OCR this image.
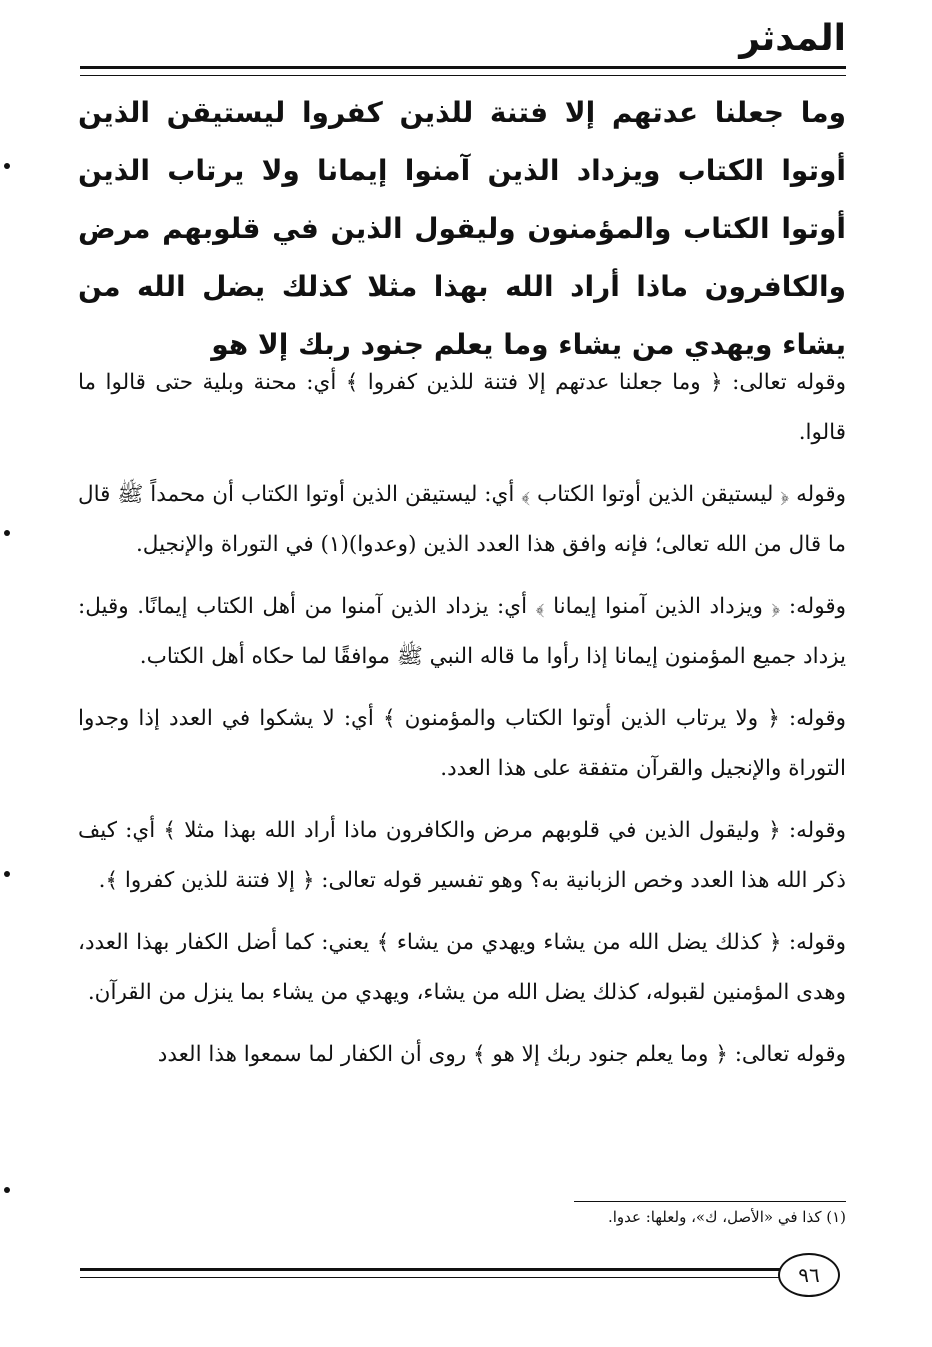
المدثر
وما جعلنا عدتهم إلا فتنة للذين كفروا ليستيقن الذين أوتوا الكتاب ويزداد الذين آمنوا إيمانا ولا يرتاب الذين أوتوا الكتاب والمؤمنون وليقول الذين في قلوبهم مرض والكافرون ماذا أراد الله بهذا مثلا كذلك يضل الله من يشاء ويهدي من يشاء وما يعلم جنود ربك إلا هو

وقوله تعالى: ﴿ وما جعلنا عدتهم إلا فتنة للذين كفروا ﴾ أي: محنة وبلية حتى قالوا ما قالوا.

وقوله ﴿ ليستيقن الذين أوتوا الكتاب ﴾ أي: ليستيقن الذين أوتوا الكتاب أن محمداً ﷺ قال ما قال من الله تعالى؛ فإنه وافق هذا العدد الذين (وعدوا)(١) في التوراة والإنجيل.

وقوله: ﴿ ويزداد الذين آمنوا إيمانا ﴾ أي: يزداد الذين آمنوا من أهل الكتاب إيمانًا. وقيل: يزداد جميع المؤمنون إيمانا إذا رأوا ما قاله النبي ﷺ موافقًا لما حكاه أهل الكتاب.

وقوله: ﴿ ولا يرتاب الذين أوتوا الكتاب والمؤمنون ﴾ أي: لا يشكوا في العدد إذا وجدوا التوراة والإنجيل والقرآن متفقة على هذا العدد.

وقوله: ﴿ وليقول الذين في قلوبهم مرض والكافرون ماذا أراد الله بهذا مثلا ﴾ أي: كيف ذكر الله هذا العدد وخص الزبانية به؟ وهو تفسير قوله تعالى: ﴿ إلا فتنة للذين كفروا ﴾.

وقوله: ﴿ كذلك يضل الله من يشاء ويهدي من يشاء ﴾ يعني: كما أضل الكفار بهذا العدد، وهدى المؤمنين لقبوله، كذلك يضل الله من يشاء، ويهدي من يشاء بما ينزل من القرآن.

وقوله تعالى: ﴿ وما يعلم جنود ربك إلا هو ﴾ روى أن الكفار لما سمعوا هذا العدد

(١) كذا في «الأصل، ك»، ولعلها: عدوا.
٩٦
